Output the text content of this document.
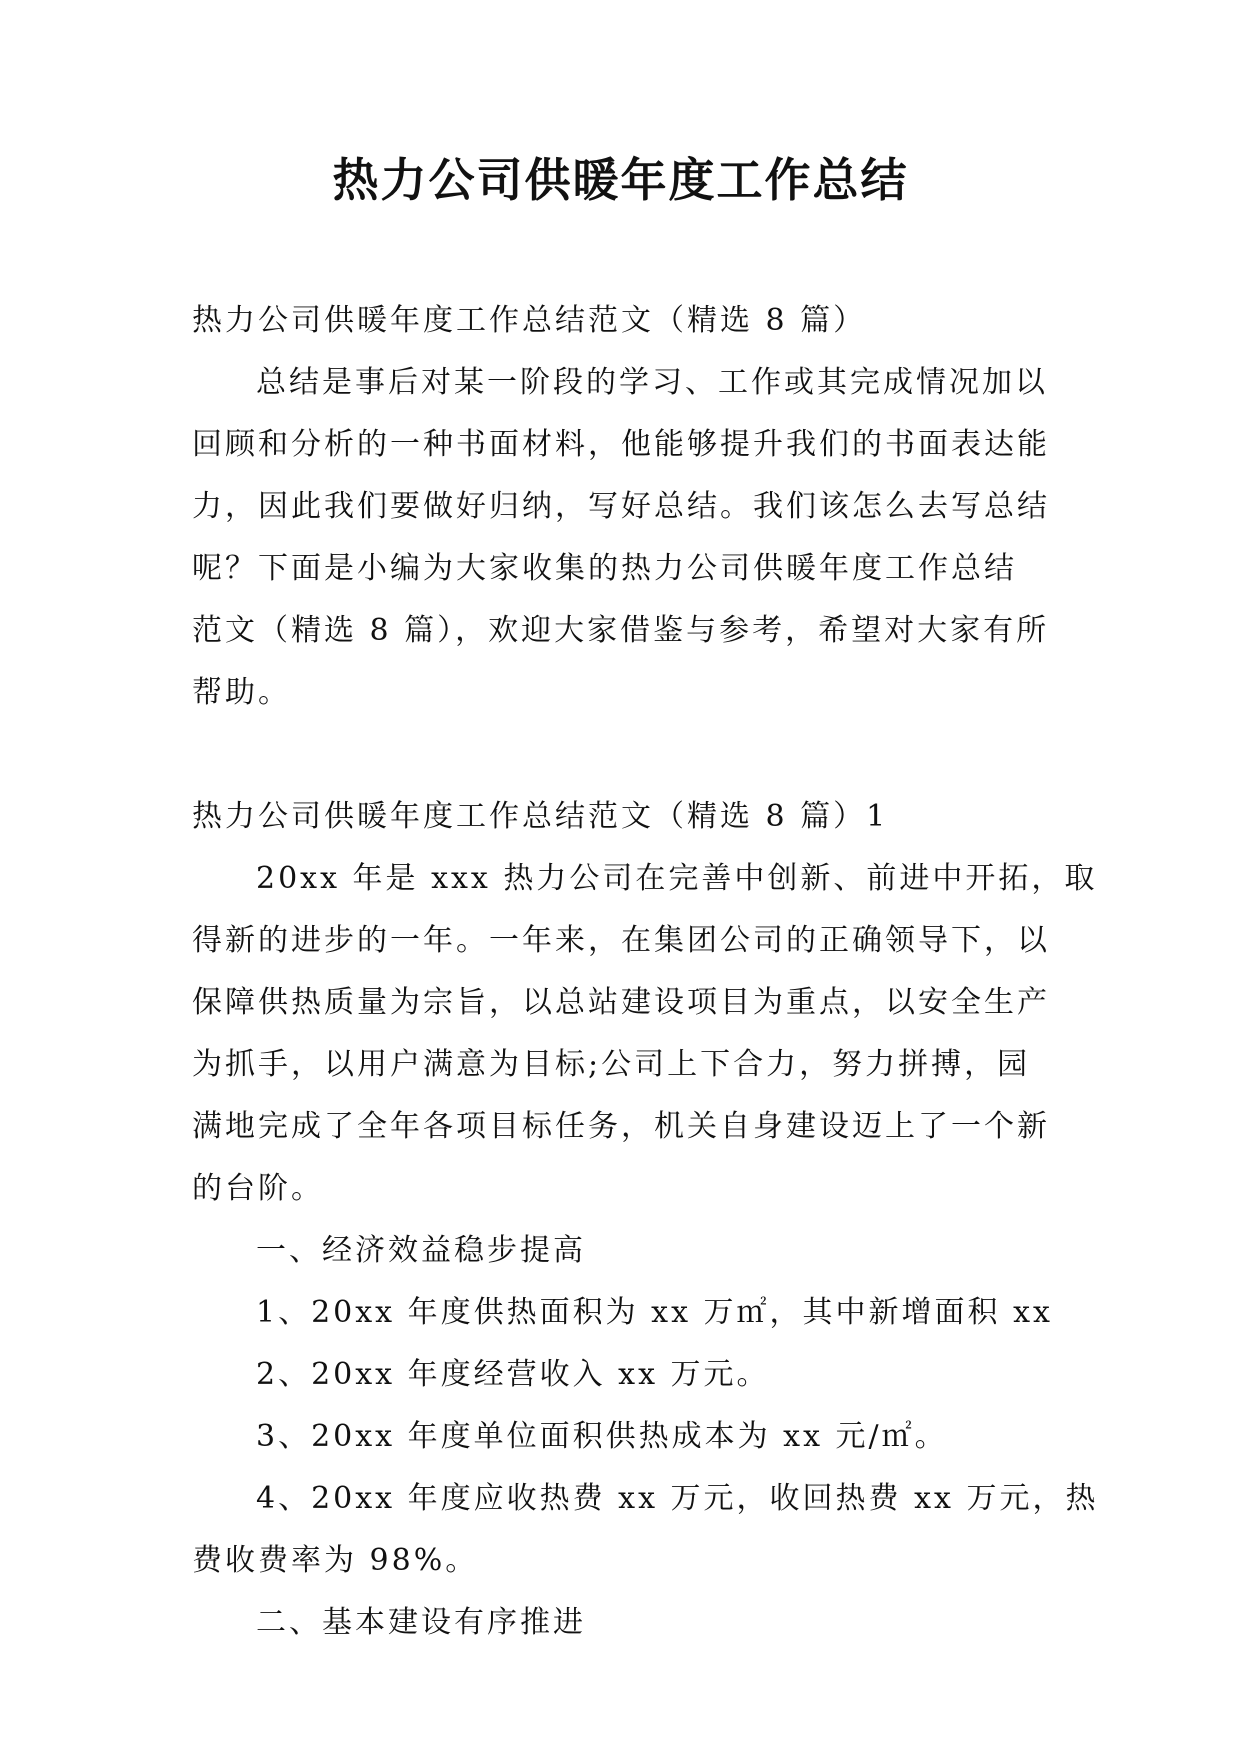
热力公司供暖年度工作总结

热力公司供暖年度工作总结范文（精选 8 篇）

总结是事后对某一阶段的学习、工作或其完成情况加以

回顾和分析的一种书面材料，他能够提升我们的书面表达能

力，因此我们要做好归纳，写好总结。我们该怎么去写总结

呢？下面是小编为大家收集的热力公司供暖年度工作总结

范文（精选 8 篇），欢迎大家借鉴与参考，希望对大家有所

帮助。

热力公司供暖年度工作总结范文（精选 8 篇）1

20xx 年是 xxx 热力公司在完善中创新、前进中开拓，取

得新的进步的一年。一年来，在集团公司的正确领导下，以

保障供热质量为宗旨，以总站建设项目为重点，以安全生产

为抓手，以用户满意为目标;公司上下合力，努力拼搏，园

满地完成了全年各项目标任务，机关自身建设迈上了一个新

的台阶。

一、经济效益稳步提高

1、20xx 年度供热面积为 xx 万㎡，其中新增面积 xx

2、20xx 年度经营收入 xx 万元。

3、20xx 年度单位面积供热成本为 xx 元/㎡。

4、20xx 年度应收热费 xx 万元，收回热费 xx 万元，热

费收费率为 98%。

二、基本建设有序推进
